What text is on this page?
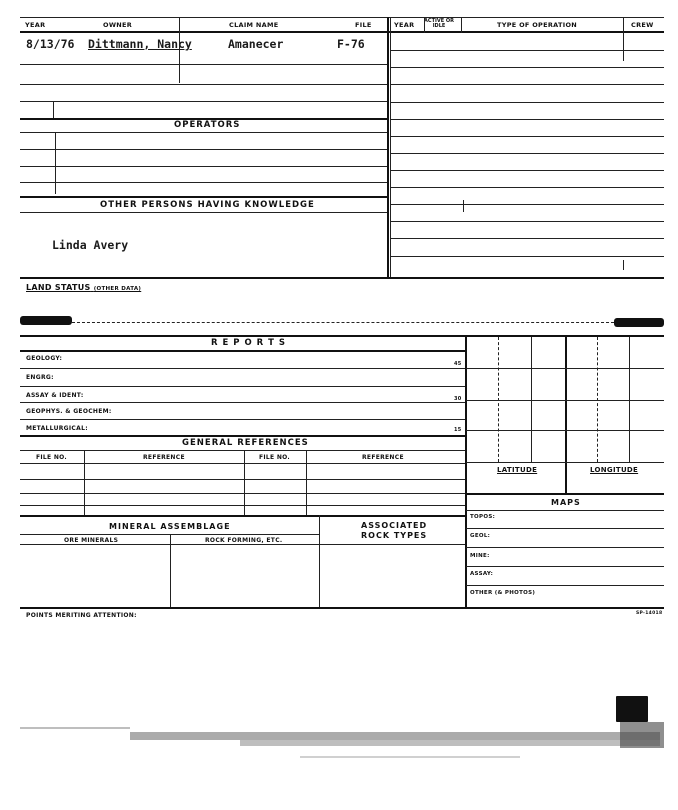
YEAR	OWNER	CLAIM NAME	FILE	YEAR ACTIVE OR IDLE	TYPE OF OPERATION	CREW
8/13/76 Dittmann, Nancy	Amanecer	F-76
OPERATORS
OTHER PERSONS HAVING KNOWLEDGE
Linda Avery
LAND STATUS (OTHER DATA)
R E P O R T S
GEOLOGY:
45
ENGRG:
ASSAY & IDENT:	30
GEOPHYS. & GEOCHEM:
METALLURGICAL:	15
GENERAL REFERENCES
FILE NO.	REFERENCE	FILE NO.	REFERENCE
MINERAL ASSEMBLAGE	ASSOCIATED
ROCK TYPES
ORE MINERALS	ROCK FORMING, ETC.
LATITUDE	LONGITUDE
MAPS
TOPOS:
GEOL:
MINE:
ASSAY:
OTHER (& PHOTOS)
POINTS MERITING ATTENTION:	SP-14018
